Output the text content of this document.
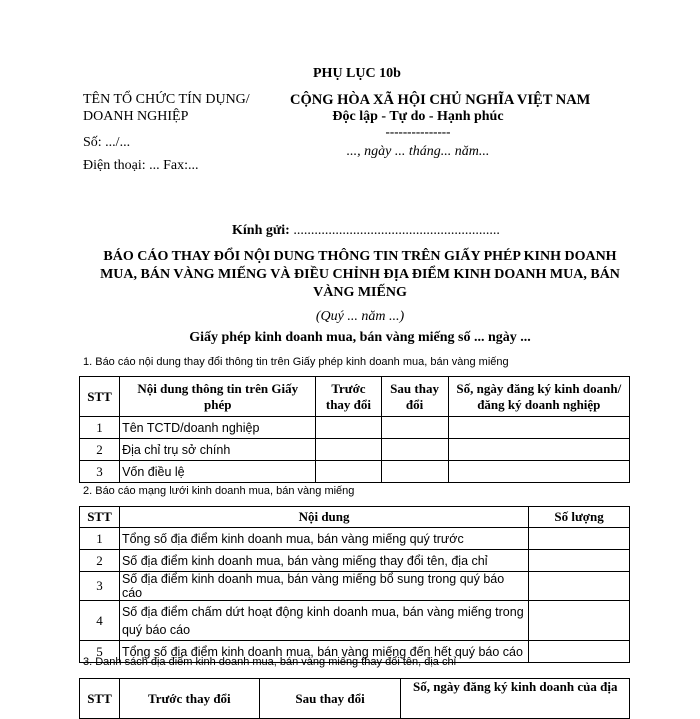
PHỤ LỤC 10b
TÊN TỔ CHỨC TÍN DỤNG/
DOANH NGHIỆP
CỘNG HÒA XÃ HỘI CHỦ NGHĨA VIỆT NAM
Độc lập - Tự do - Hạnh phúc
---------------
Số: .../...
..., ngày ... tháng... năm...
Điện thoại: ... Fax:...
Kính gửi: ...........................................................
BÁO CÁO THAY ĐỔI NỘI DUNG THÔNG TIN TRÊN GIẤY PHÉP KINH DOANH
MUA, BÁN VÀNG MIẾNG VÀ ĐIỀU CHỈNH ĐỊA ĐIỂM KINH DOANH MUA, BÁN
VÀNG MIẾNG
(Quý ... năm ...)
Giấy phép kinh doanh mua, bán vàng miếng số ... ngày ...
1. Báo cáo nội dung thay đổi thông tin trên Giấy phép kinh doanh mua, bán vàng miếng
STT	Nội dung thông tin trên Giấy phép	Trước thay đổi	Sau thay đổi	Số, ngày đăng ký kinh doanh/đăng ký doanh nghiệp
1	Tên TCTD/doanh nghiệp			
2	Địa chỉ trụ sở chính			
3	Vốn điều lệ			
2. Báo cáo mạng lưới kinh doanh mua, bán vàng miếng
STT	Nội dung	Số lượng
1	Tổng số địa điểm kinh doanh mua, bán vàng miếng quý trước	
2	Số địa điểm kinh doanh mua, bán vàng miếng thay đổi tên, địa chỉ	
3	Số địa điểm kinh doanh mua, bán vàng miếng bổ sung trong quý báo cáo	
4	Số địa điểm chấm dứt hoạt động kinh doanh mua, bán vàng miếng trong quý báo cáo	
5	Tổng số địa điểm kinh doanh mua, bán vàng miếng đến hết quý báo cáo	
3. Danh sách địa điểm kinh doanh mua, bán vàng miếng thay đổi tên, địa chỉ
STT	Trước thay đổi	Sau thay đổi	Số, ngày đăng ký kinh doanh của địa
